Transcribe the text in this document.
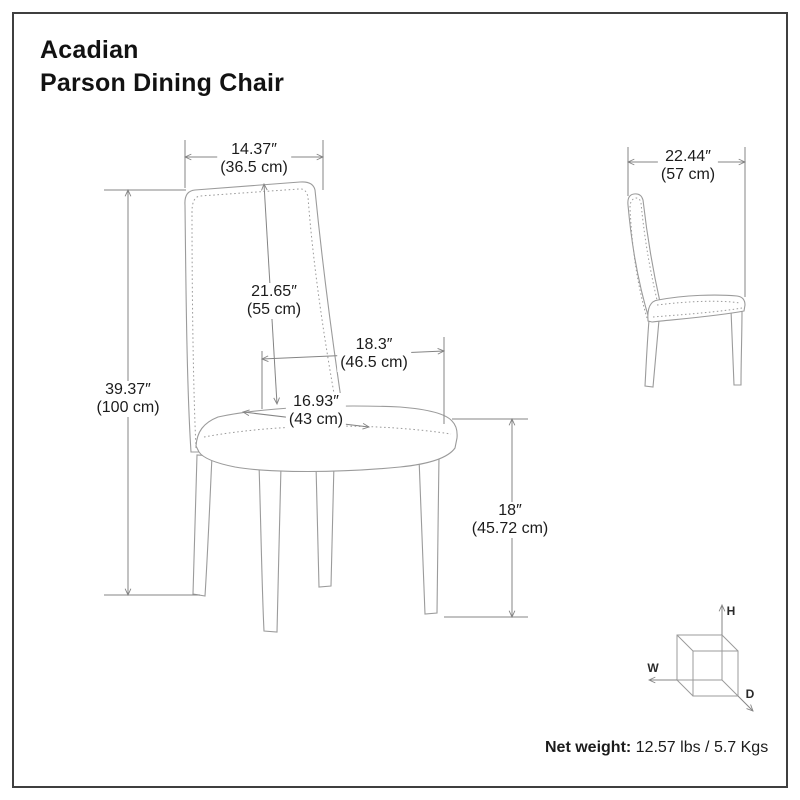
Acadian
Parson Dining Chair
14.37″
(36.5 cm)
39.37″
(100 cm)
21.65″
(55 cm)
18.3″
(46.5 cm)
16.93″
(43 cm)
18″
(45.72 cm)
22.44″
(57 cm)
H
W
D
Net weight: 12.57 lbs / 5.7 Kgs
